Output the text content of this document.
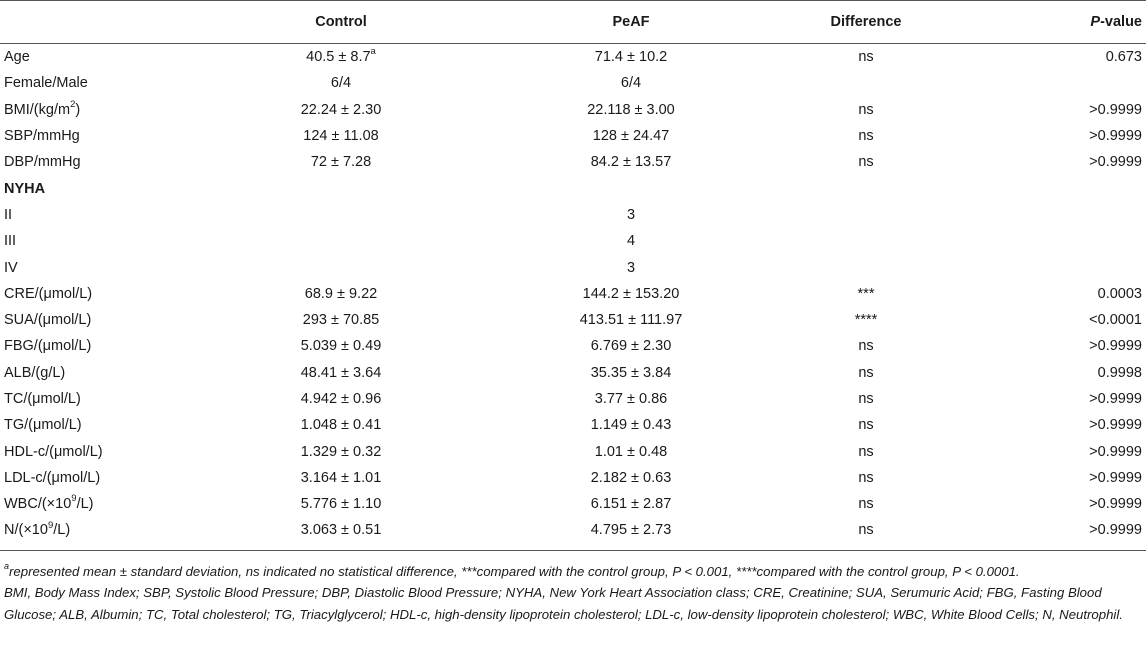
	Control	PeAF	Difference	P-value
Age	40.5 ± 8.7$^a$	71.4 ± 10.2	ns	0.673
Female/Male	6/4	6/4		
BMI/$(kg/m^2)$	22.24 ± 2.30	22.118 ± 3.00	ns	>0.9999
SBP/mmHg	124 ± 11.08	128 ± 24.47	ns	>0.9999
DBP/mmHg	72 ± 7.28	84.2 ± 13.57	ns	>0.9999
NYHA				
II		3		
III		4		
IV		3		
CRE/(μmol/L)	68.9 ± 9.22	144.2 ± 153.20	***	0.0003
SUA/(μmol/L)	293 ± 70.85	413.51 ± 111.97	****	<0.0001
FBG/(μmol/L)	5.039 ± 0.49	6.769 ± 2.30	ns	>0.9999
ALB/(g/L)	48.41 ± 3.64	35.35 ± 3.84	ns	0.9998
TC/(μmol/L)	4.942 ± 0.96	3.77 ± 0.86	ns	>0.9999
TG/(μmol/L)	1.048 ± 0.41	1.149 ± 0.43	ns	>0.9999
HDL-c/(μmol/L)	1.329 ± 0.32	1.01 ± 0.48	ns	>0.9999
LDL-c/(μmol/L)	3.164 ± 1.01	2.182 ± 0.63	ns	>0.9999
WBC/$(\times 10^9/L)$	5.776 ± 1.10	6.151 ± 2.87	ns	>0.9999
$N/(\times 10^9/L)$	3.063 ± 0.51	4.795 ± 2.73	ns	>0.9999
$^a$represented mean ± standard deviation, ns indicated no statistical difference, ***compared with the control group, P < 0.001, ****compared with the control group, P < 0.0001.
BMI, Body Mass Index; SBP, Systolic Blood Pressure; DBP, Diastolic Blood Pressure; NYHA, New York Heart Association class; CRE, Creatinine; SUA, Serumuric Acid; FBG, Fasting Blood Glucose; ALB, Albumin; TC, Total cholesterol; TG, Triacylglycerol; HDL-c, high-density lipoprotein cholesterol; LDL-c, low-density lipoprotein cholesterol; WBC, White Blood Cells; N, Neutrophil.
